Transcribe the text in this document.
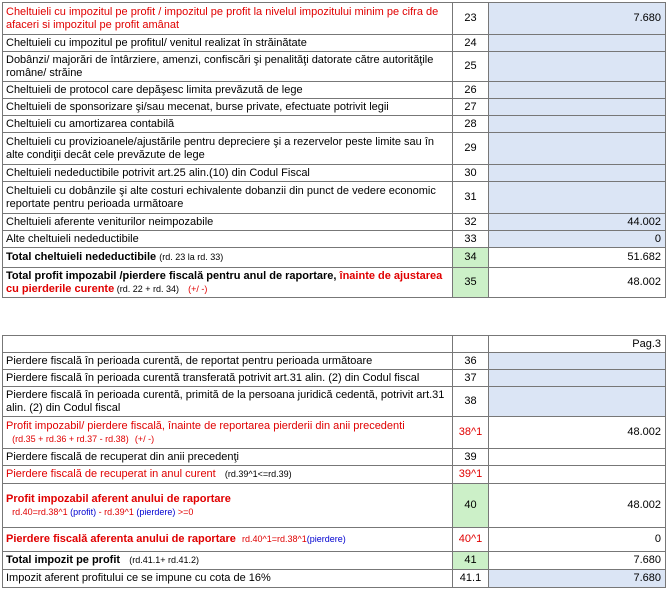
Cheltuieli cu impozitul pe profit / impozitul pe profit la nivelul impozitului minim pe cifra de afaceri si impozitul pe profit amânat	23	7.680
Cheltuieli cu impozitul pe profitul/ venitul realizat în străinătate	24	
Dobânzi/ majorări de întârziere, amenzi, confiscări şi penalităţi datorate către autorităţile române/ străine	25	
Cheltuieli de protocol care depăşesc limita prevăzută de lege	26	
Cheltuieli de sponsorizare şi/sau mecenat, burse private, efectuate potrivit legii	27	
Cheltuieli cu amortizarea contabilă	28	
Cheltuieli cu provizioanele/ajustările pentru depreciere şi a rezervelor peste limite sau în alte condiţii decât cele prevăzute de lege	29	
Cheltuieli nedeductibile potrivit art.25 alin.(10) din Codul Fiscal	30	
Cheltuieli cu dobânzile şi alte costuri echivalente dobanzii din punct de vedere economic reportate pentru perioada următoare	31	
Cheltuieli aferente veniturilor neimpozabile	32	44.002
Alte cheltuieli nedeductibile	33	0
Total cheltuieli nedeductibile (rd. 23 la rd. 33)	34	51.682
Total profit impozabil /pierdere fiscală pentru anul de raportare, înainte de ajustarea cu pierderile curente (rd. 22 + rd. 34) (+/ -)	35	48.002
		Pag.3
Pierdere fiscală în perioada curentă, de reportat pentru perioada următoare	36	
Pierdere fiscală în perioada curentă transferată potrivit art.31 alin. (2) din Codul fiscal	37	
Pierdere fiscală în perioada curentă, primită de la persoana juridică cedentă, potrivit art.31 alin. (2) din Codul fiscal	38	
Profit impozabil/ pierdere fiscală, înainte de reportarea pierderii din anii precedenti
(rd.35 + rd.36 + rd.37 - rd.38) (+/ -)	38^1	48.002
Pierdere fiscală de recuperat din anii precedenţi	39	
Pierdere fiscală de recuperat in anul curent (rd.39^1<=rd.39)	39^1	
Profit impozabil aferent anului de raportare
rd.40=rd.38^1 (profit) - rd.39^1 (pierdere) >=0	40	48.002
Pierdere fiscală aferenta anului de raportare rd.40^1=rd.38^1(pierdere)	40^1	0
Total impozit pe profit (rd.41.1+ rd.41.2)	41	7.680
Impozit aferent profitului ce se impune cu cota de 16%	41.1	7.680
